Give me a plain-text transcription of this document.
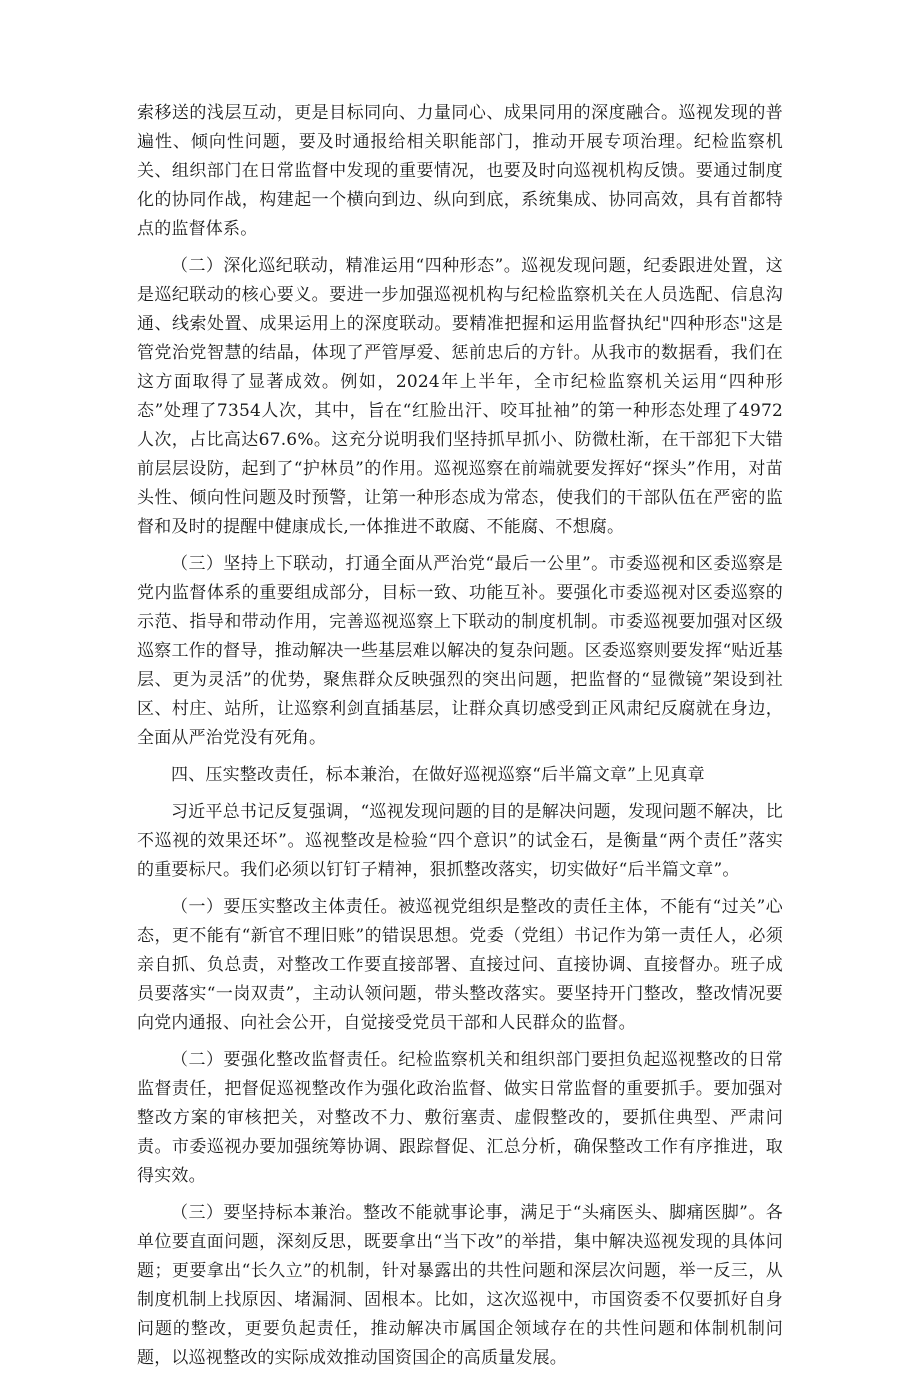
索移送的浅层互动，更是目标同向、力量同心、成果同用的深度融合。巡视发现的普遍性、倾向性问题，要及时通报给相关职能部门，推动开展专项治理。纪检监察机关、组织部门在日常监督中发现的重要情况，也要及时向巡视机构反馈。要通过制度化的协同作战，构建起一个横向到边、纵向到底，系统集成、协同高效，具有首都特点的监督体系。

（二）深化巡纪联动，精准运用“四种形态”。巡视发现问题，纪委跟进处置，这是巡纪联动的核心要义。要进一步加强巡视机构与纪检监察机关在人员选配、信息沟通、线索处置、成果运用上的深度联动。要精准把握和运用监督执纪"四种形态"这是管党治党智慧的结晶，体现了严管厚爱、惩前忠后的方针。从我市的数据看，我们在这方面取得了显著成效。例如，2024年上半年，全市纪检监察机关运用“四种形态”处理了7354人次，其中，旨在“红脸出汗、咬耳扯袖”的第一种形态处理了4972人次，占比高达67.6%。这充分说明我们坚持抓早抓小、防微杜渐，在干部犯下大错前层层设防，起到了“护林员”的作用。巡视巡察在前端就要发挥好“探头”作用，对苗头性、倾向性问题及时预警，让第一种形态成为常态，使我们的干部队伍在严密的监督和及时的提醒中健康成长,一体推进不敢腐、不能腐、不想腐。

（三）坚持上下联动，打通全面从严治党“最后一公里”。市委巡视和区委巡察是党内监督体系的重要组成部分，目标一致、功能互补。要强化市委巡视对区委巡察的示范、指导和带动作用，完善巡视巡察上下联动的制度机制。市委巡视要加强对区级巡察工作的督导，推动解决一些基层难以解决的复杂问题。区委巡察则要发挥“贴近基层、更为灵活”的优势，聚焦群众反映强烈的突出问题，把监督的“显微镜”架设到社区、村庄、站所，让巡察利剑直插基层，让群众真切感受到正风肃纪反腐就在身边，全面从严治党没有死角。

四、压实整改责任，标本兼治，在做好巡视巡察“后半篇文章”上见真章

习近平总书记反复强调，“巡视发现问题的目的是解决问题，发现问题不解决，比不巡视的效果还坏”。巡视整改是检验“四个意识”的试金石，是衡量“两个责任”落实的重要标尺。我们必须以钉钉子精神，狠抓整改落实，切实做好“后半篇文章”。

（一）要压实整改主体责任。被巡视党组织是整改的责任主体，不能有“过关”心态，更不能有“新官不理旧账”的错误思想。党委（党组）书记作为第一责任人，必须亲自抓、负总责，对整改工作要直接部署、直接过问、直接协调、直接督办。班子成员要落实“一岗双责”，主动认领问题，带头整改落实。要坚持开门整改，整改情况要向党内通报、向社会公开，自觉接受党员干部和人民群众的监督。

（二）要强化整改监督责任。纪检监察机关和组织部门要担负起巡视整改的日常监督责任，把督促巡视整改作为强化政治监督、做实日常监督的重要抓手。要加强对整改方案的审核把关，对整改不力、敷衍塞责、虚假整改的，要抓住典型、严肃问责。市委巡视办要加强统筹协调、跟踪督促、汇总分析，确保整改工作有序推进，取得实效。

（三）要坚持标本兼治。整改不能就事论事，满足于“头痛医头、脚痛医脚”。各单位要直面问题，深刻反思，既要拿出“当下改”的举措，集中解决巡视发现的具体问题；更要拿出“长久立”的机制，针对暴露出的共性问题和深层次问题，举一反三，从制度机制上找原因、堵漏洞、固根本。比如，这次巡视中，市国资委不仅要抓好自身问题的整改，更要负起责任，推动解决市属国企领域存在的共性问题和体制机制问题，以巡视整改的实际成效推动国资国企的高质量发展。
